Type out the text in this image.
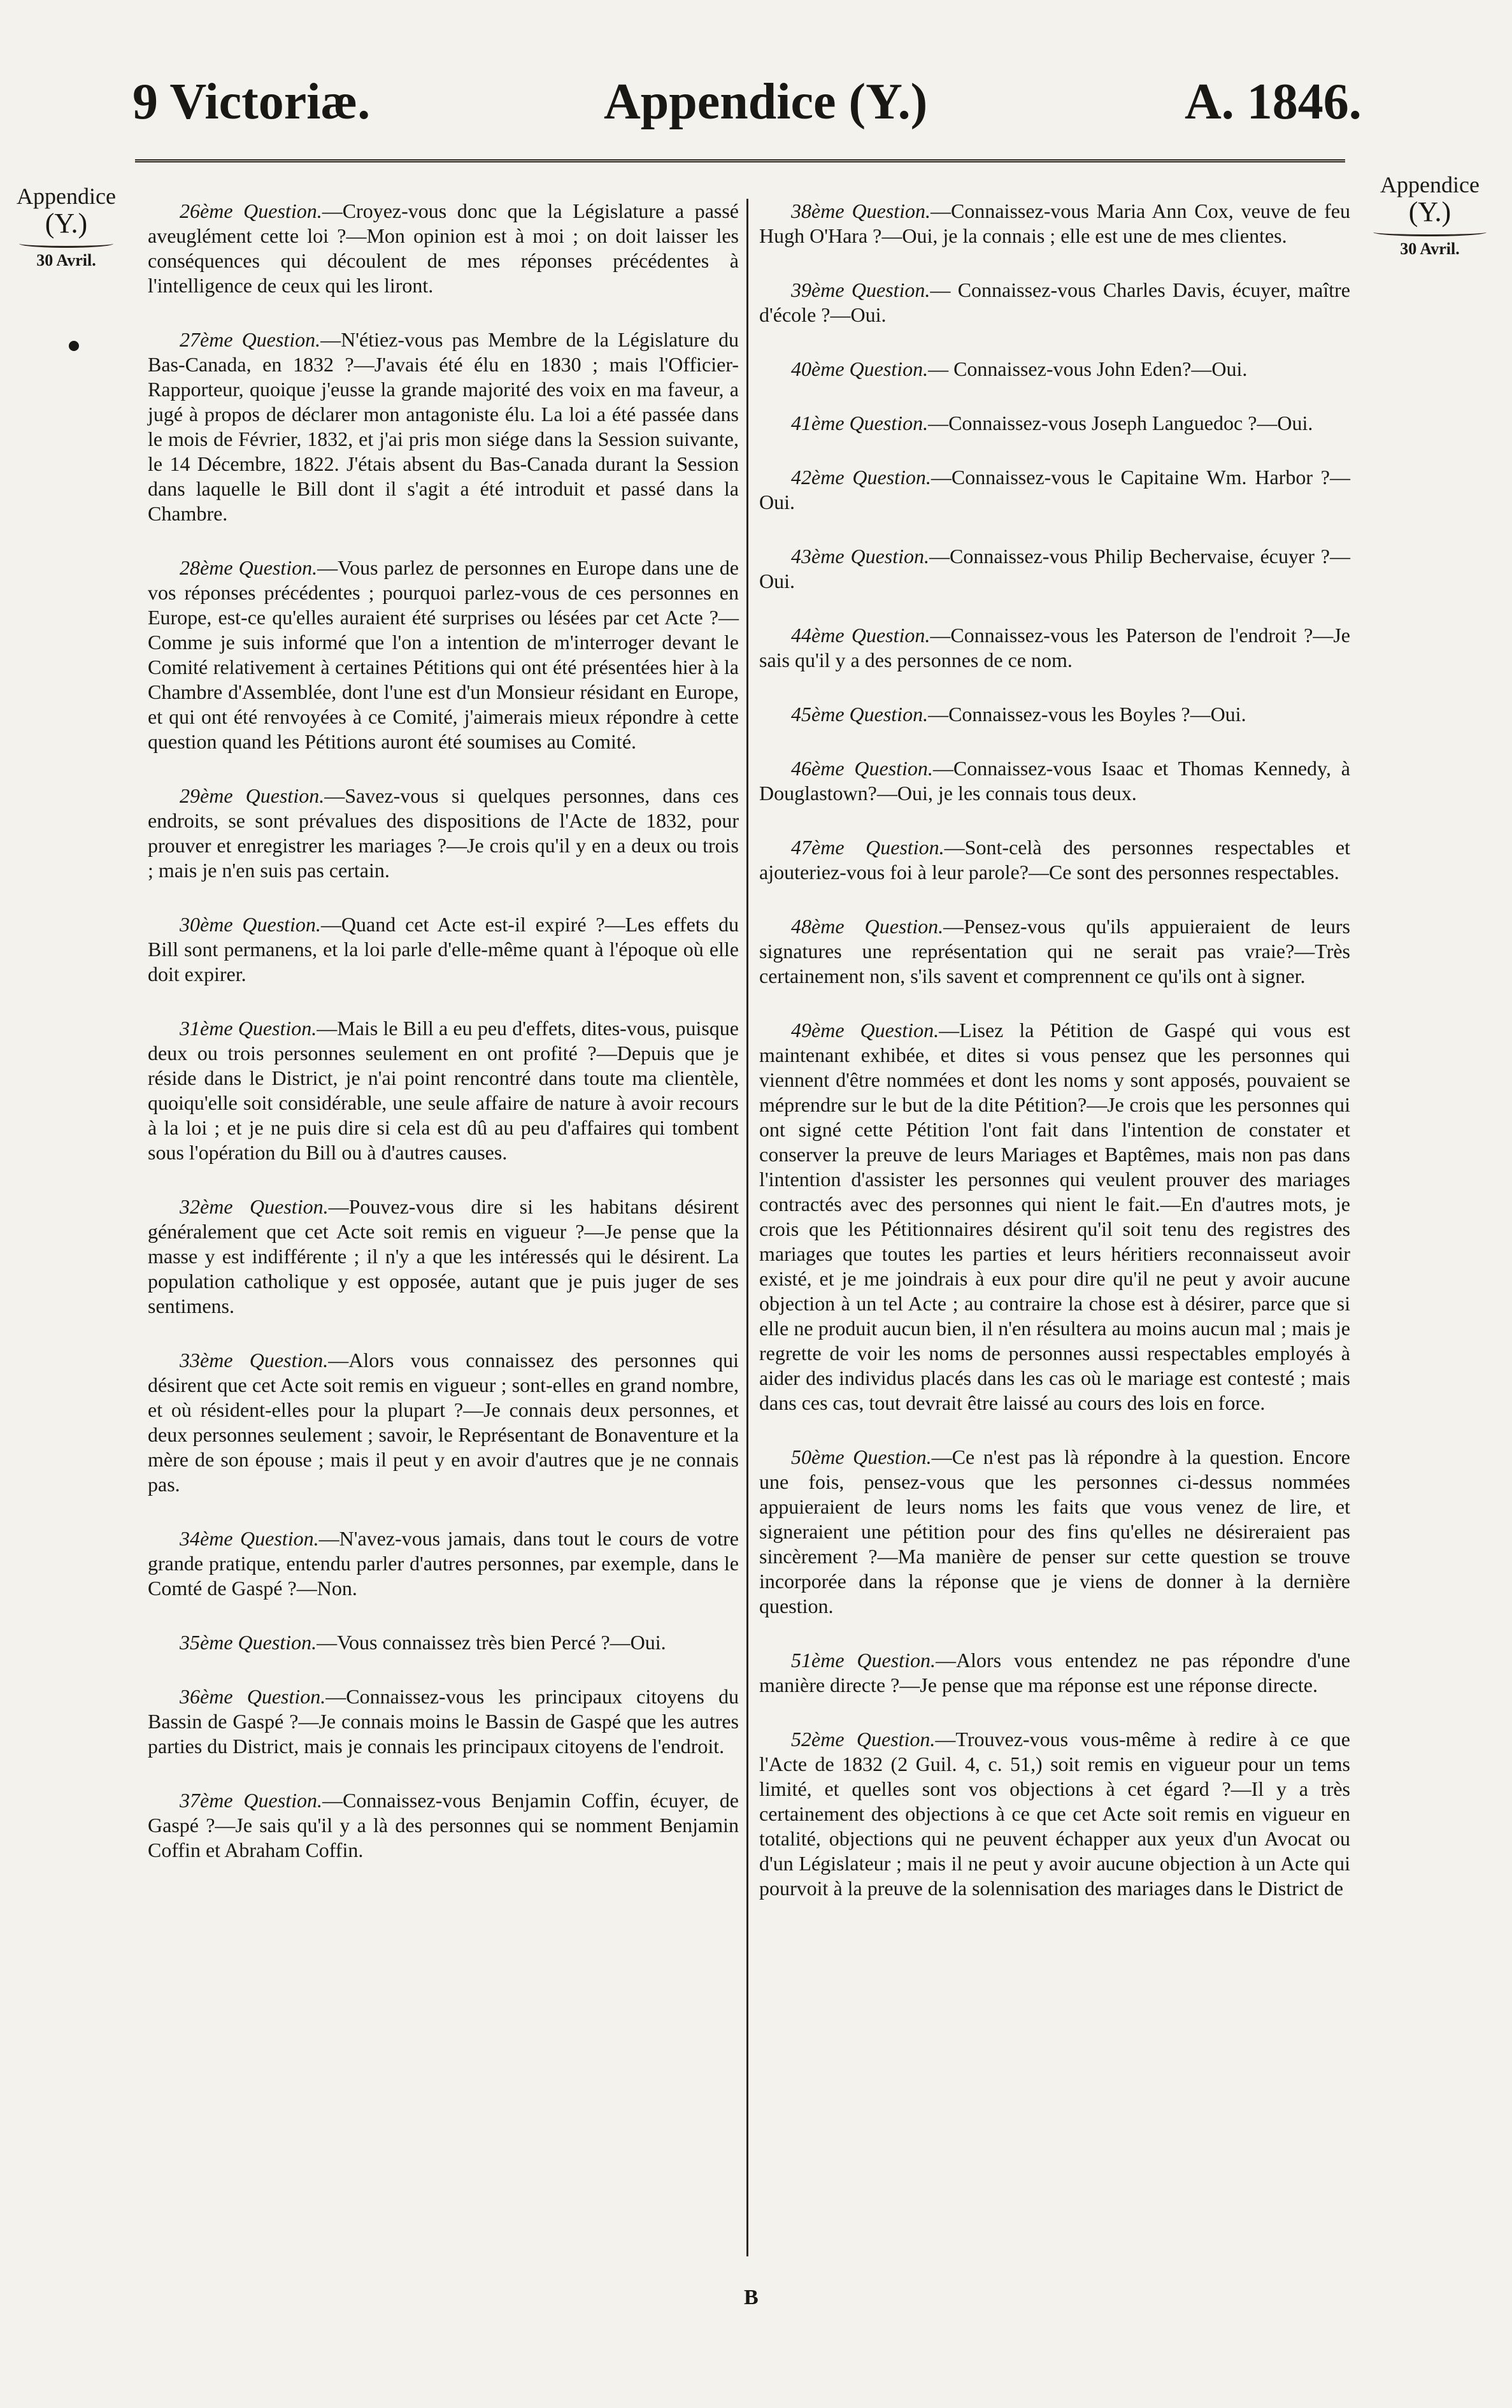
9 Victoriæ.	Appendice (Y.)	A. 1846.
Appendice
(Y.)
30 Avril.
Appendice
(Y.)
30 Avril.

26ème Question.—Croyez-vous donc que la Législature a passé aveuglément cette loi ?—Mon opinion est à moi ; on doit laisser les conséquences qui découlent de mes réponses précédentes à l'intelligence de ceux qui les liront.

27ème Question.—N'étiez-vous pas Membre de la Législature du Bas-Canada, en 1832 ?—J'avais été élu en 1830 ; mais l'Officier-Rapporteur, quoique j'eusse la grande majorité des voix en ma faveur, a jugé à propos de déclarer mon antagoniste élu. La loi a été passée dans le mois de Février, 1832, et j'ai pris mon siége dans la Session suivante, le 14 Décembre, 1822. J'étais absent du Bas-Canada durant la Session dans laquelle le Bill dont il s'agit a été introduit et passé dans la Chambre.

28ème Question.—Vous parlez de personnes en Europe dans une de vos réponses précédentes ; pourquoi parlez-vous de ces personnes en Europe, est-ce qu'elles auraient été surprises ou lésées par cet Acte ?—Comme je suis informé que l'on a intention de m'interroger devant le Comité relativement à certaines Pétitions qui ont été présentées hier à la Chambre d'Assemblée, dont l'une est d'un Monsieur résidant en Europe, et qui ont été renvoyées à ce Comité, j'aimerais mieux répondre à cette question quand les Pétitions auront été soumises au Comité.

29ème Question.—Savez-vous si quelques personnes, dans ces endroits, se sont prévalues des dispositions de l'Acte de 1832, pour prouver et enregistrer les mariages ?—Je crois qu'il y en a deux ou trois ; mais je n'en suis pas certain.

30ème Question.—Quand cet Acte est-il expiré ?—Les effets du Bill sont permanens, et la loi parle d'elle-même quant à l'époque où elle doit expirer.

31ème Question.—Mais le Bill a eu peu d'effets, dites-vous, puisque deux ou trois personnes seulement en ont profité ?—Depuis que je réside dans le District, je n'ai point rencontré dans toute ma clientèle, quoiqu'elle soit considérable, une seule affaire de nature à avoir recours à la loi ; et je ne puis dire si cela est dû au peu d'affaires qui tombent sous l'opération du Bill ou à d'autres causes.

32ème Question.—Pouvez-vous dire si les habitans désirent généralement que cet Acte soit remis en vigueur ?—Je pense que la masse y est indifférente ; il n'y a que les intéressés qui le désirent. La population catholique y est opposée, autant que je puis juger de ses sentimens.

33ème Question.—Alors vous connaissez des personnes qui désirent que cet Acte soit remis en vigueur ; sont-elles en grand nombre, et où résident-elles pour la plupart ?—Je connais deux personnes, et deux personnes seulement ; savoir, le Représentant de Bonaventure et la mère de son épouse ; mais il peut y en avoir d'autres que je ne connais pas.

34ème Question.—N'avez-vous jamais, dans tout le cours de votre grande pratique, entendu parler d'autres personnes, par exemple, dans le Comté de Gaspé ?—Non.

35ème Question.—Vous connaissez très bien Percé ?—Oui.

36ème Question.—Connaissez-vous les principaux citoyens du Bassin de Gaspé ?—Je connais moins le Bassin de Gaspé que les autres parties du District, mais je connais les principaux citoyens de l'endroit.

37ème Question.—Connaissez-vous Benjamin Coffin, écuyer, de Gaspé ?—Je sais qu'il y a là des personnes qui se nomment Benjamin Coffin et Abraham Coffin.

38ème Question.—Connaissez-vous Maria Ann Cox, veuve de feu Hugh O'Hara ?—Oui, je la connais ; elle est une de mes clientes.

39ème Question.— Connaissez-vous Charles Davis, écuyer, maître d'école ?—Oui.

40ème Question.— Connaissez-vous John Eden?—Oui.

41ème Question.—Connaissez-vous Joseph Languedoc ?—Oui.

42ème Question.—Connaissez-vous le Capitaine Wm. Harbor ?—Oui.

43ème Question.—Connaissez-vous Philip Bechervaise, écuyer ?—Oui.

44ème Question.—Connaissez-vous les Paterson de l'endroit ?—Je sais qu'il y a des personnes de ce nom.

45ème Question.—Connaissez-vous les Boyles ?—Oui.

46ème Question.—Connaissez-vous Isaac et Thomas Kennedy, à Douglastown?—Oui, je les connais tous deux.

47ème Question.—Sont-celà des personnes respectables et ajouteriez-vous foi à leur parole?—Ce sont des personnes respectables.

48ème Question.—Pensez-vous qu'ils appuieraient de leurs signatures une représentation qui ne serait pas vraie?—Très certainement non, s'ils savent et comprennent ce qu'ils ont à signer.

49ème Question.—Lisez la Pétition de Gaspé qui vous est maintenant exhibée, et dites si vous pensez que les personnes qui viennent d'être nommées et dont les noms y sont apposés, pouvaient se méprendre sur le but de la dite Pétition?—Je crois que les personnes qui ont signé cette Pétition l'ont fait dans l'intention de constater et conserver la preuve de leurs Mariages et Baptêmes, mais non pas dans l'intention d'assister les personnes qui veulent prouver des mariages contractés avec des personnes qui nient le fait.—En d'autres mots, je crois que les Pétitionnaires désirent qu'il soit tenu des registres des mariages que toutes les parties et leurs héritiers reconnaisseut avoir existé, et je me joindrais à eux pour dire qu'il ne peut y avoir aucune objection à un tel Acte ; au contraire la chose est à désirer, parce que si elle ne produit aucun bien, il n'en résultera au moins aucun mal ; mais je regrette de voir les noms de personnes aussi respectables employés à aider des individus placés dans les cas où le mariage est contesté ; mais dans ces cas, tout devrait être laissé au cours des lois en force.

50ème Question.—Ce n'est pas là répondre à la question. Encore une fois, pensez-vous que les personnes ci-dessus nommées appuieraient de leurs noms les faits que vous venez de lire, et signeraient une pétition pour des fins qu'elles ne désireraient pas sincèrement ?—Ma manière de penser sur cette question se trouve incorporée dans la réponse que je viens de donner à la dernière question.

51ème Question.—Alors vous entendez ne pas répondre d'une manière directe ?—Je pense que ma réponse est une réponse directe.

52ème Question.—Trouvez-vous vous-même à redire à ce que l'Acte de 1832 (2 Guil. 4, c. 51,) soit remis en vigueur pour un tems limité, et quelles sont vos objections à cet égard ?—Il y a très certainement des objections à ce que cet Acte soit remis en vigueur en totalité, objections qui ne peuvent échapper aux yeux d'un Avocat ou d'un Législateur ; mais il ne peut y avoir aucune objection à un Acte qui pourvoit à la preuve de la solennisation des mariages dans le District de

B
